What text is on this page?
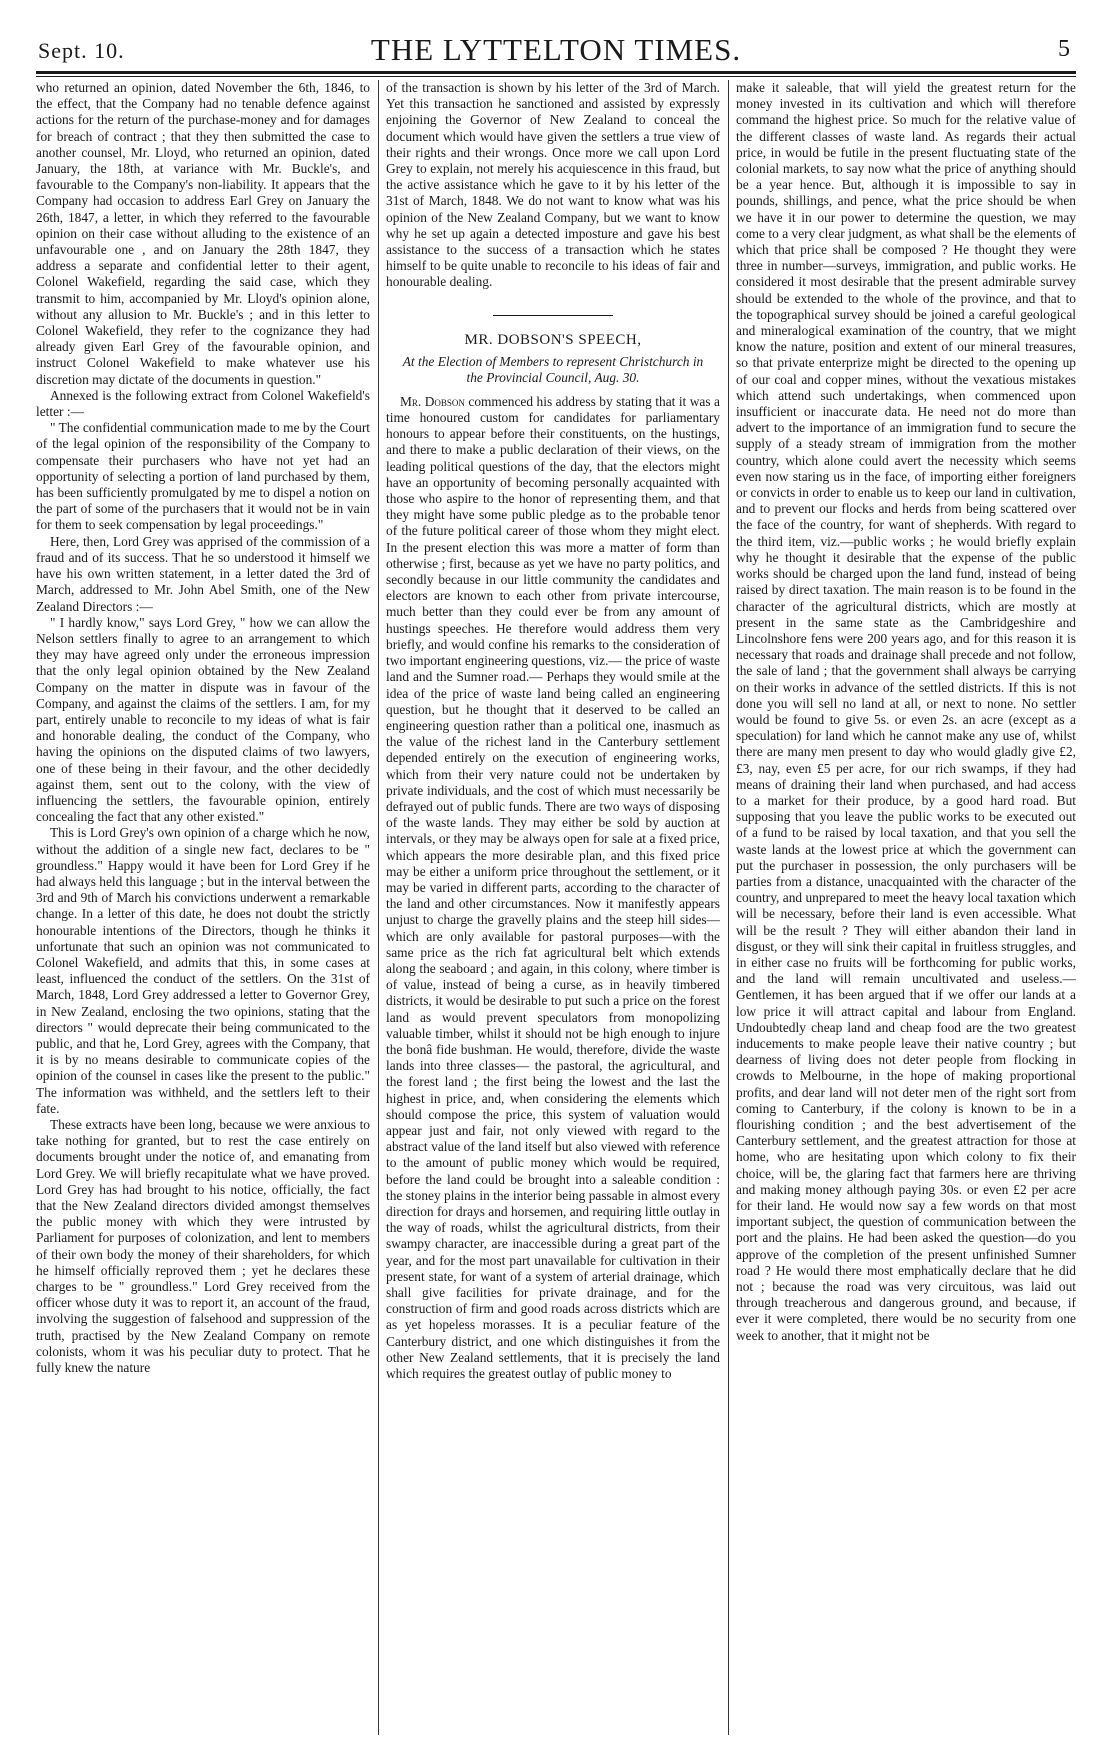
Sept. 10.	THE LYTTELTON TIMES.	5

who returned an opinion, dated November the 6th, 1846, to the effect, that the Company had no tenable defence against actions for the return of the purchase-money and for damages for breach of contract ; that they then submitted the case to another counsel, Mr. Lloyd, who returned an opinion, dated January, the 18th, at variance with Mr. Buckle's, and favourable to the Company's non-liability. It appears that the Company had occasion to address Earl Grey on January the 26th, 1847, a letter, in which they referred to the favourable opinion on their case without alluding to the existence of an unfavourable one , and on January the 28th 1847, they address a separate and confidential letter to their agent, Colonel Wakefield, regarding the said case, which they transmit to him, accompanied by Mr. Lloyd's opinion alone, without any allusion to Mr. Buckle's ; and in this letter to Colonel Wakefield, they refer to the cognizance they had already given Earl Grey of the favourable opinion, and instruct Colonel Wakefield to make whatever use his discretion may dictate of the documents in question."

Annexed is the following extract from Colonel Wakefield's letter :—

" The confidential communication made to me by the Court of the legal opinion of the responsibility of the Company to compensate their purchasers who have not yet had an opportunity of selecting a portion of land purchased by them, has been sufficiently promulgated by me to dispel a notion on the part of some of the purchasers that it would not be in vain for them to seek compensation by legal proceedings."

Here, then, Lord Grey was apprised of the commission of a fraud and of its success. That he so understood it himself we have his own written statement, in a letter dated the 3rd of March, addressed to Mr. John Abel Smith, one of the New Zealand Directors :—

" I hardly know," says Lord Grey, " how we can allow the Nelson settlers finally to agree to an arrangement to which they may have agreed only under the erroneous impression that the only legal opinion obtained by the New Zealand Company on the matter in dispute was in favour of the Company, and against the claims of the settlers. I am, for my part, entirely unable to reconcile to my ideas of what is fair and honorable dealing, the conduct of the Company, who having the opinions on the disputed claims of two lawyers, one of these being in their favour, and the other decidedly against them, sent out to the colony, with the view of influencing the settlers, the favourable opinion, entirely concealing the fact that any other existed."

This is Lord Grey's own opinion of a charge which he now, without the addition of a single new fact, declares to be " groundless." Happy would it have been for Lord Grey if he had always held this language ; but in the interval between the 3rd and 9th of March his convictions underwent a remarkable change. In a letter of this date, he does not doubt the strictly honourable intentions of the Directors, though he thinks it unfortunate that such an opinion was not communicated to Colonel Wakefield, and admits that this, in some cases at least, influenced the conduct of the settlers. On the 31st of March, 1848, Lord Grey addressed a letter to Governor Grey, in New Zealand, enclosing the two opinions, stating that the directors " would deprecate their being communicated to the public, and that he, Lord Grey, agrees with the Company, that it is by no means desirable to communicate copies of the opinion of the counsel in cases like the present to the public." The information was withheld, and the settlers left to their fate.

These extracts have been long, because we were anxious to take nothing for granted, but to rest the case entirely on documents brought under the notice of, and emanating from Lord Grey. We will briefly recapitulate what we have proved. Lord Grey has had brought to his notice, officially, the fact that the New Zealand directors divided amongst themselves the public money with which they were intrusted by Parliament for purposes of colonization, and lent to members of their own body the money of their shareholders, for which he himself officially reproved them ; yet he declares these charges to be " groundless." Lord Grey received from the officer whose duty it was to report it, an account of the fraud, involving the suggestion of falsehood and suppression of the truth, practised by the New Zealand Company on remote colonists, whom it was his peculiar duty to protect. That he fully knew the nature

of the transaction is shown by his letter of the 3rd of March. Yet this transaction he sanctioned and assisted by expressly enjoining the Governor of New Zealand to conceal the document which would have given the settlers a true view of their rights and their wrongs. Once more we call upon Lord Grey to explain, not merely his acquiescence in this fraud, but the active assistance which he gave to it by his letter of the 31st of March, 1848. We do not want to know what was his opinion of the New Zealand Company, but we want to know why he set up again a detected imposture and gave his best assistance to the success of a transaction which he states himself to be quite unable to reconcile to his ideas of fair and honourable dealing.

MR. DOBSON'S SPEECH,
At the Election of Members to represent Christchurch in the Provincial Council, Aug. 30.

Mr. Dobson commenced his address by stating that it was a time honoured custom for candidates for parliamentary honours to appear before their constituents, on the hustings, and there to make a public declaration of their views, on the leading political questions of the day, that the electors might have an opportunity of becoming personally acquainted with those who aspire to the honor of representing them, and that they might have some public pledge as to the probable tenor of the future political career of those whom they might elect. In the present election this was more a matter of form than otherwise ; first, because as yet we have no party politics, and secondly because in our little community the candidates and electors are known to each other from private intercourse, much better than they could ever be from any amount of hustings speeches. He therefore would address them very briefly, and would confine his remarks to the consideration of two important engineering questions, viz.— the price of waste land and the Sumner road.— Perhaps they would smile at the idea of the price of waste land being called an engineering question, but he thought that it deserved to be called an engineering question rather than a political one, inasmuch as the value of the richest land in the Canterbury settlement depended entirely on the execution of engineering works, which from their very nature could not be undertaken by private individuals, and the cost of which must necessarily be defrayed out of public funds. There are two ways of disposing of the waste lands. They may either be sold by auction at intervals, or they may be always open for sale at a fixed price, which appears the more desirable plan, and this fixed price may be either a uniform price throughout the settlement, or it may be varied in different parts, according to the character of the land and other circumstances. Now it manifestly appears unjust to charge the gravelly plains and the steep hill sides—which are only available for pastoral purposes—with the same price as the rich fat agricultural belt which extends along the seaboard ; and again, in this colony, where timber is of value, instead of being a curse, as in heavily timbered districts, it would be desirable to put such a price on the forest land as would prevent speculators from monopolizing valuable timber, whilst it should not be high enough to injure the bonâ fide bushman. He would, therefore, divide the waste lands into three classes— the pastoral, the agricultural, and the forest land ; the first being the lowest and the last the highest in price, and, when considering the elements which should compose the price, this system of valuation would appear just and fair, not only viewed with regard to the abstract value of the land itself but also viewed with reference to the amount of public money which would be required, before the land could be brought into a saleable condition : the stoney plains in the interior being passable in almost every direction for drays and horsemen, and requiring little outlay in the way of roads, whilst the agricultural districts, from their swampy character, are inaccessible during a great part of the year, and for the most part unavailable for cultivation in their present state, for want of a system of arterial drainage, which shall give facilities for private drainage, and for the construction of firm and good roads across districts which are as yet hopeless morasses. It is a peculiar feature of the Canterbury district, and one which distinguishes it from the other New Zealand settlements, that it is precisely the land which requires the greatest outlay of public money to

make it saleable, that will yield the greatest return for the money invested in its cultivation and which will therefore command the highest price. So much for the relative value of the different classes of waste land. As regards their actual price, in would be futile in the present fluctuating state of the colonial markets, to say now what the price of anything should be a year hence. But, although it is impossible to say in pounds, shillings, and pence, what the price should be when we have it in our power to determine the question, we may come to a very clear judgment, as what shall be the elements of which that price shall be composed ? He thought they were three in number—surveys, immigration, and public works. He considered it most desirable that the present admirable survey should be extended to the whole of the province, and that to the topographical survey should be joined a careful geological and mineralogical examination of the country, that we might know the nature, position and extent of our mineral treasures, so that private enterprize might be directed to the opening up of our coal and copper mines, without the vexatious mistakes which attend such undertakings, when commenced upon insufficient or inaccurate data. He need not do more than advert to the importance of an immigration fund to secure the supply of a steady stream of immigration from the mother country, which alone could avert the necessity which seems even now staring us in the face, of importing either foreigners or convicts in order to enable us to keep our land in cultivation, and to prevent our flocks and herds from being scattered over the face of the country, for want of shepherds. With regard to the third item, viz.—public works ; he would briefly explain why he thought it desirable that the expense of the public works should be charged upon the land fund, instead of being raised by direct taxation. The main reason is to be found in the character of the agricultural districts, which are mostly at present in the same state as the Cambridgeshire and Lincolnshore fens were 200 years ago, and for this reason it is necessary that roads and drainage shall precede and not follow, the sale of land ; that the government shall always be carrying on their works in advance of the settled districts. If this is not done you will sell no land at all, or next to none. No settler would be found to give 5s. or even 2s. an acre (except as a speculation) for land which he cannot make any use of, whilst there are many men present to day who would gladly give £2, £3, nay, even £5 per acre, for our rich swamps, if they had means of draining their land when purchased, and had access to a market for their produce, by a good hard road. But supposing that you leave the public works to be executed out of a fund to be raised by local taxation, and that you sell the waste lands at the lowest price at which the government can put the purchaser in possession, the only purchasers will be parties from a distance, unacquainted with the character of the country, and unprepared to meet the heavy local taxation which will be necessary, before their land is even accessible. What will be the result ? They will either abandon their land in disgust, or they will sink their capital in fruitless struggles, and in either case no fruits will be forthcoming for public works, and the land will remain uncultivated and useless.— Gentlemen, it has been argued that if we offer our lands at a low price it will attract capital and labour from England. Undoubtedly cheap land and cheap food are the two greatest inducements to make people leave their native country ; but dearness of living does not deter people from flocking in crowds to Melbourne, in the hope of making proportional profits, and dear land will not deter men of the right sort from coming to Canterbury, if the colony is known to be in a flourishing condition ; and the best advertisement of the Canterbury settlement, and the greatest attraction for those at home, who are hesitating upon which colony to fix their choice, will be, the glaring fact that farmers here are thriving and making money although paying 30s. or even £2 per acre for their land. He would now say a few words on that most important subject, the question of communication between the port and the plains. He had been asked the question—do you approve of the completion of the present unfinished Sumner road ? He would there most emphatically declare that he did not ; because the road was very circuitous, was laid out through treacherous and dangerous ground, and because, if ever it were completed, there would be no security from one week to another, that it might not be
